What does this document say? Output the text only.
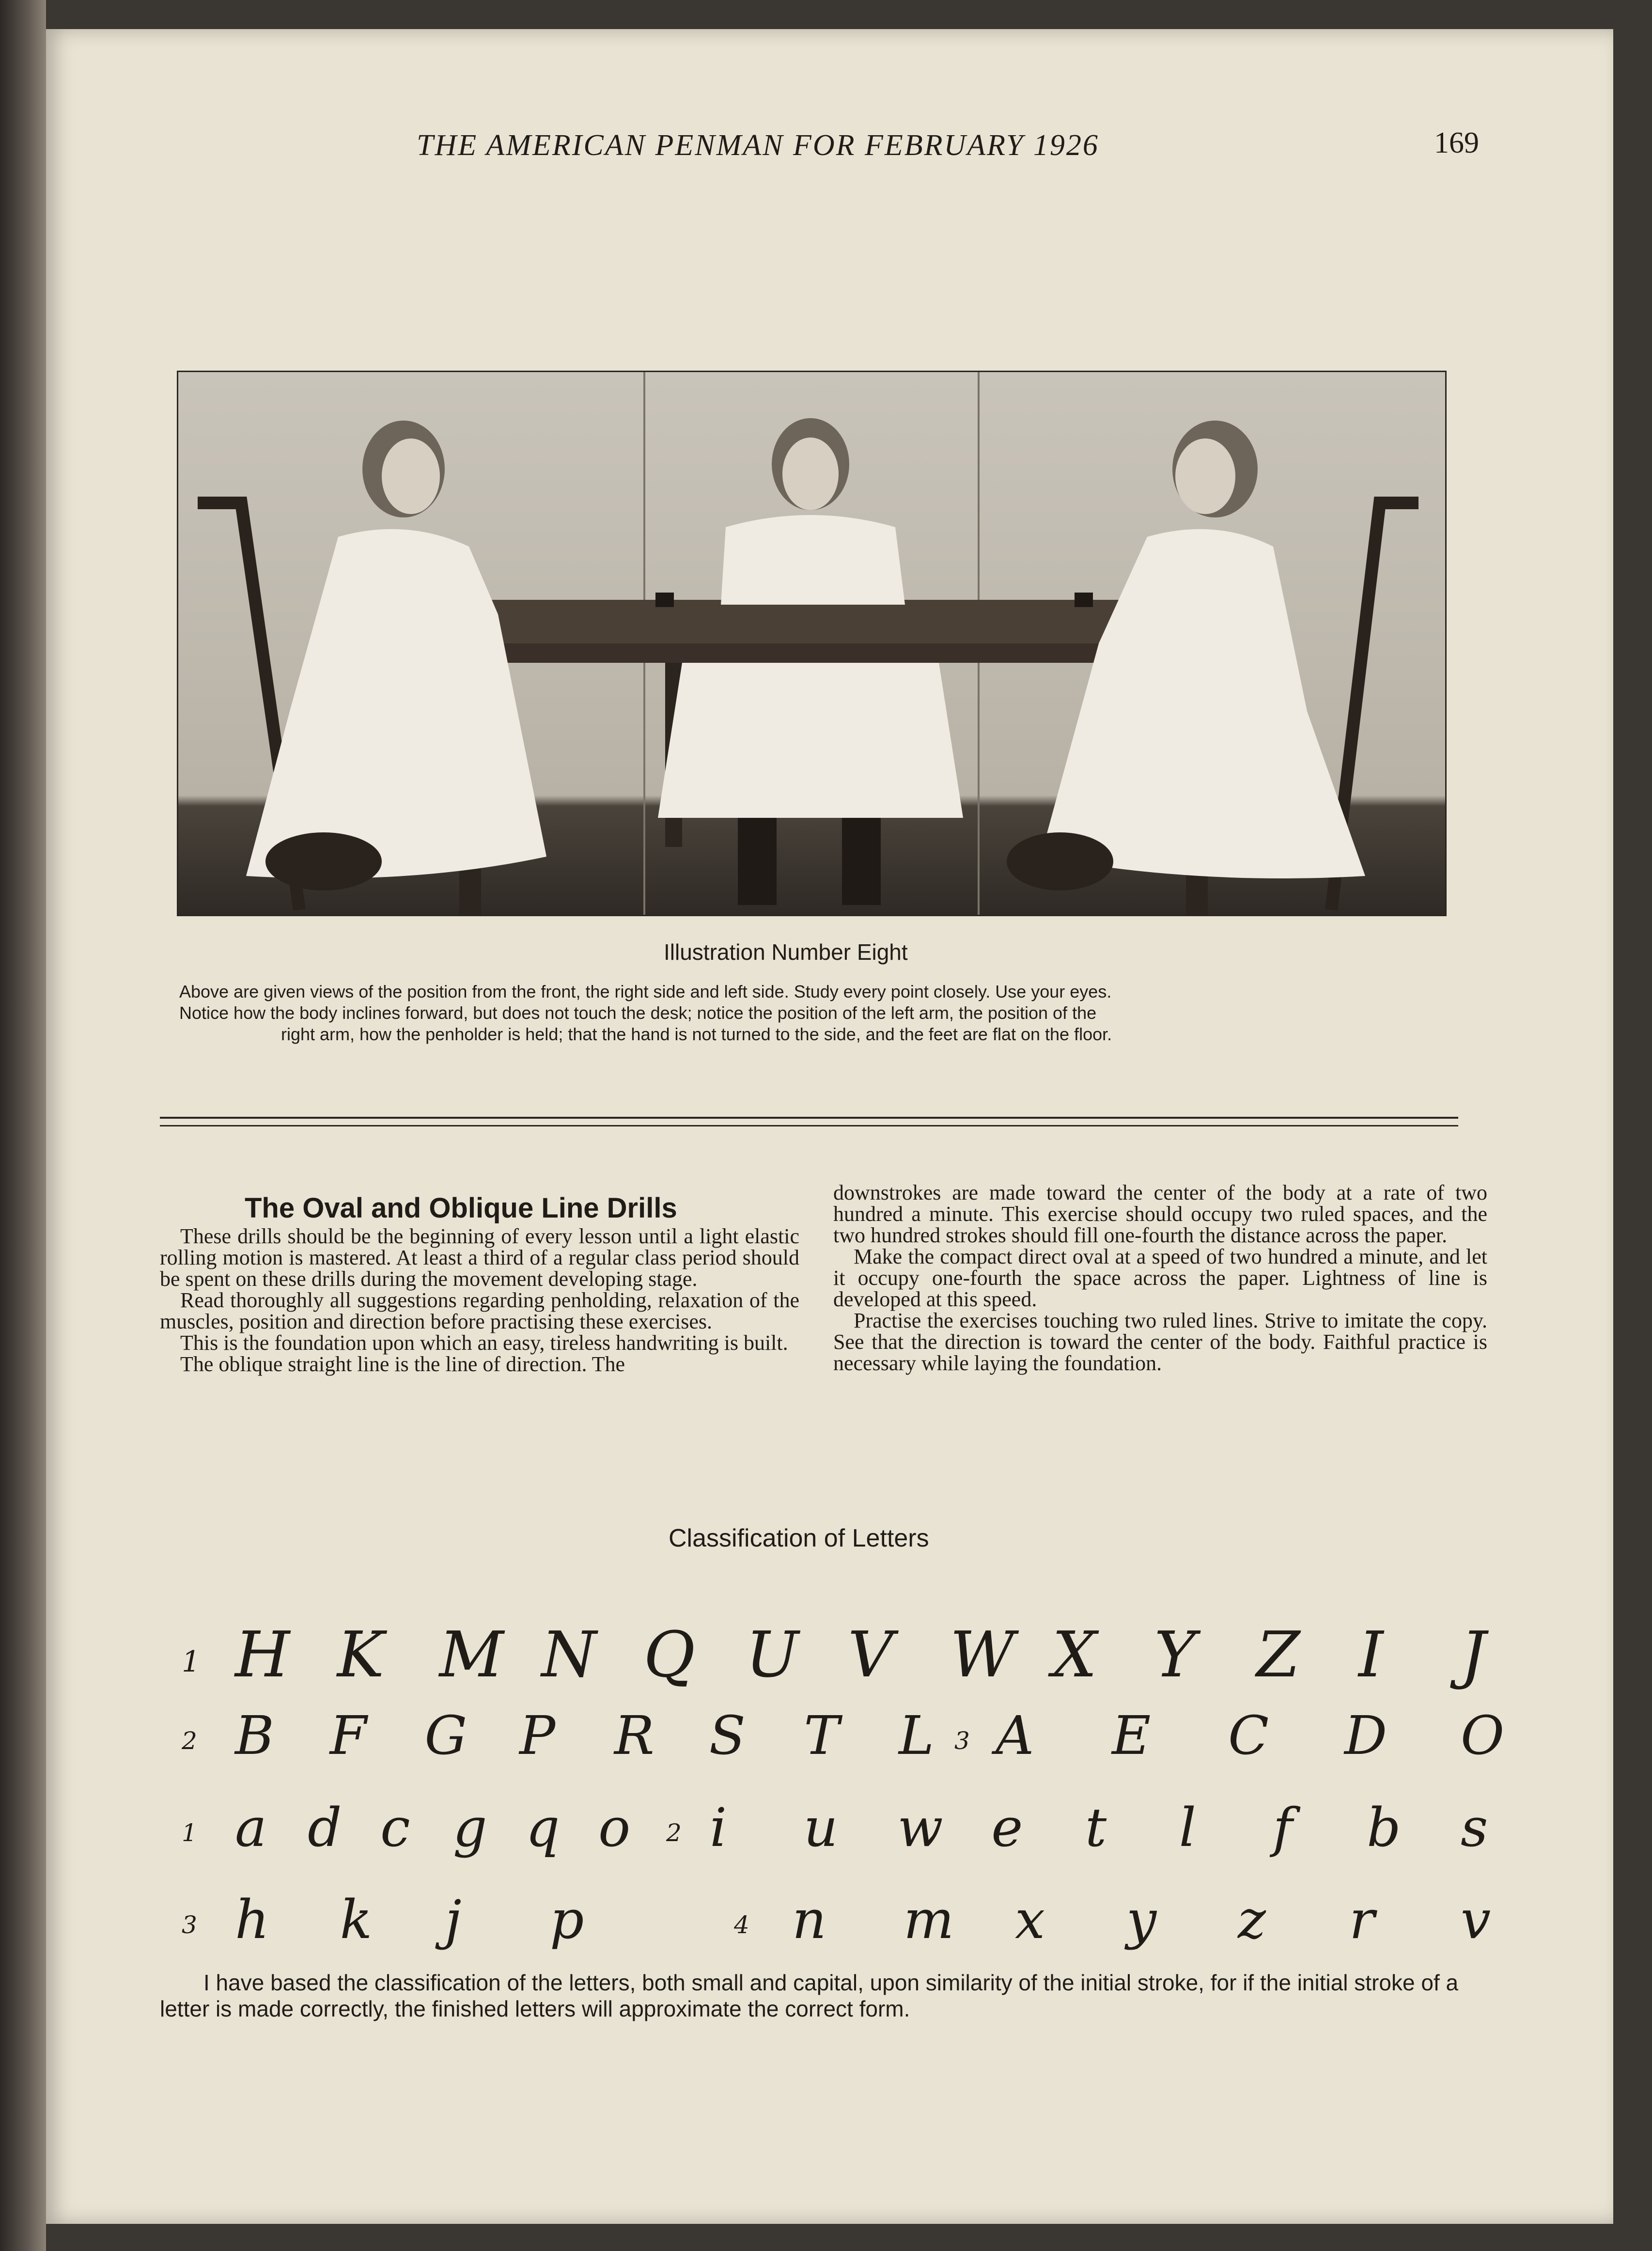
THE AMERICAN PENMAN FOR FEBRUARY 1926	169
Illustration Number Eight

Above are given views of the position from the front, the right side and left side. Study every point closely. Use your eyes.

Notice how the body inclines forward, but does not touch the desk; notice the position of the left arm, the position of the

right arm, how the penholder is held; that the hand is not turned to the side, and the feet are flat on the floor.

The Oval and Oblique Line Drills

These drills should be the beginning of every lesson until a light elastic rolling motion is mastered. At least a third of a regular class period should be spent on these drills during the movement developing stage.

Read thoroughly all suggestions regarding penholding, relaxation of the muscles, position and direction before practising these exercises.

This is the foundation upon which an easy, tireless handwriting is built.

The oblique straight line is the line of direction. The

downstrokes are made toward the center of the body at a rate of two hundred a minute. This exercise should occupy two ruled spaces, and the two hundred strokes should fill one-fourth the distance across the paper.

Make the compact direct oval at a speed of two hundred a minute, and let it occupy one-fourth the space across the paper. Lightness of line is developed at this speed.

Practise the exercises touching two ruled lines. Strive to imitate the copy. See that the direction is toward the center of the body. Faithful practice is necessary while laying the foundation.

Classification of Letters
1 H K M N Q U V W X Y Z I J
2 B F G P R S T L 3 A E C D O
1 a d c g q o 2 i u w e t l f b s
3 h k j p	4 n m x y z r v

I have based the classification of the letters, both small and capital, upon similarity of the initial stroke, for if the initial stroke of a letter is made correctly, the finished letters will approximate the correct form.
